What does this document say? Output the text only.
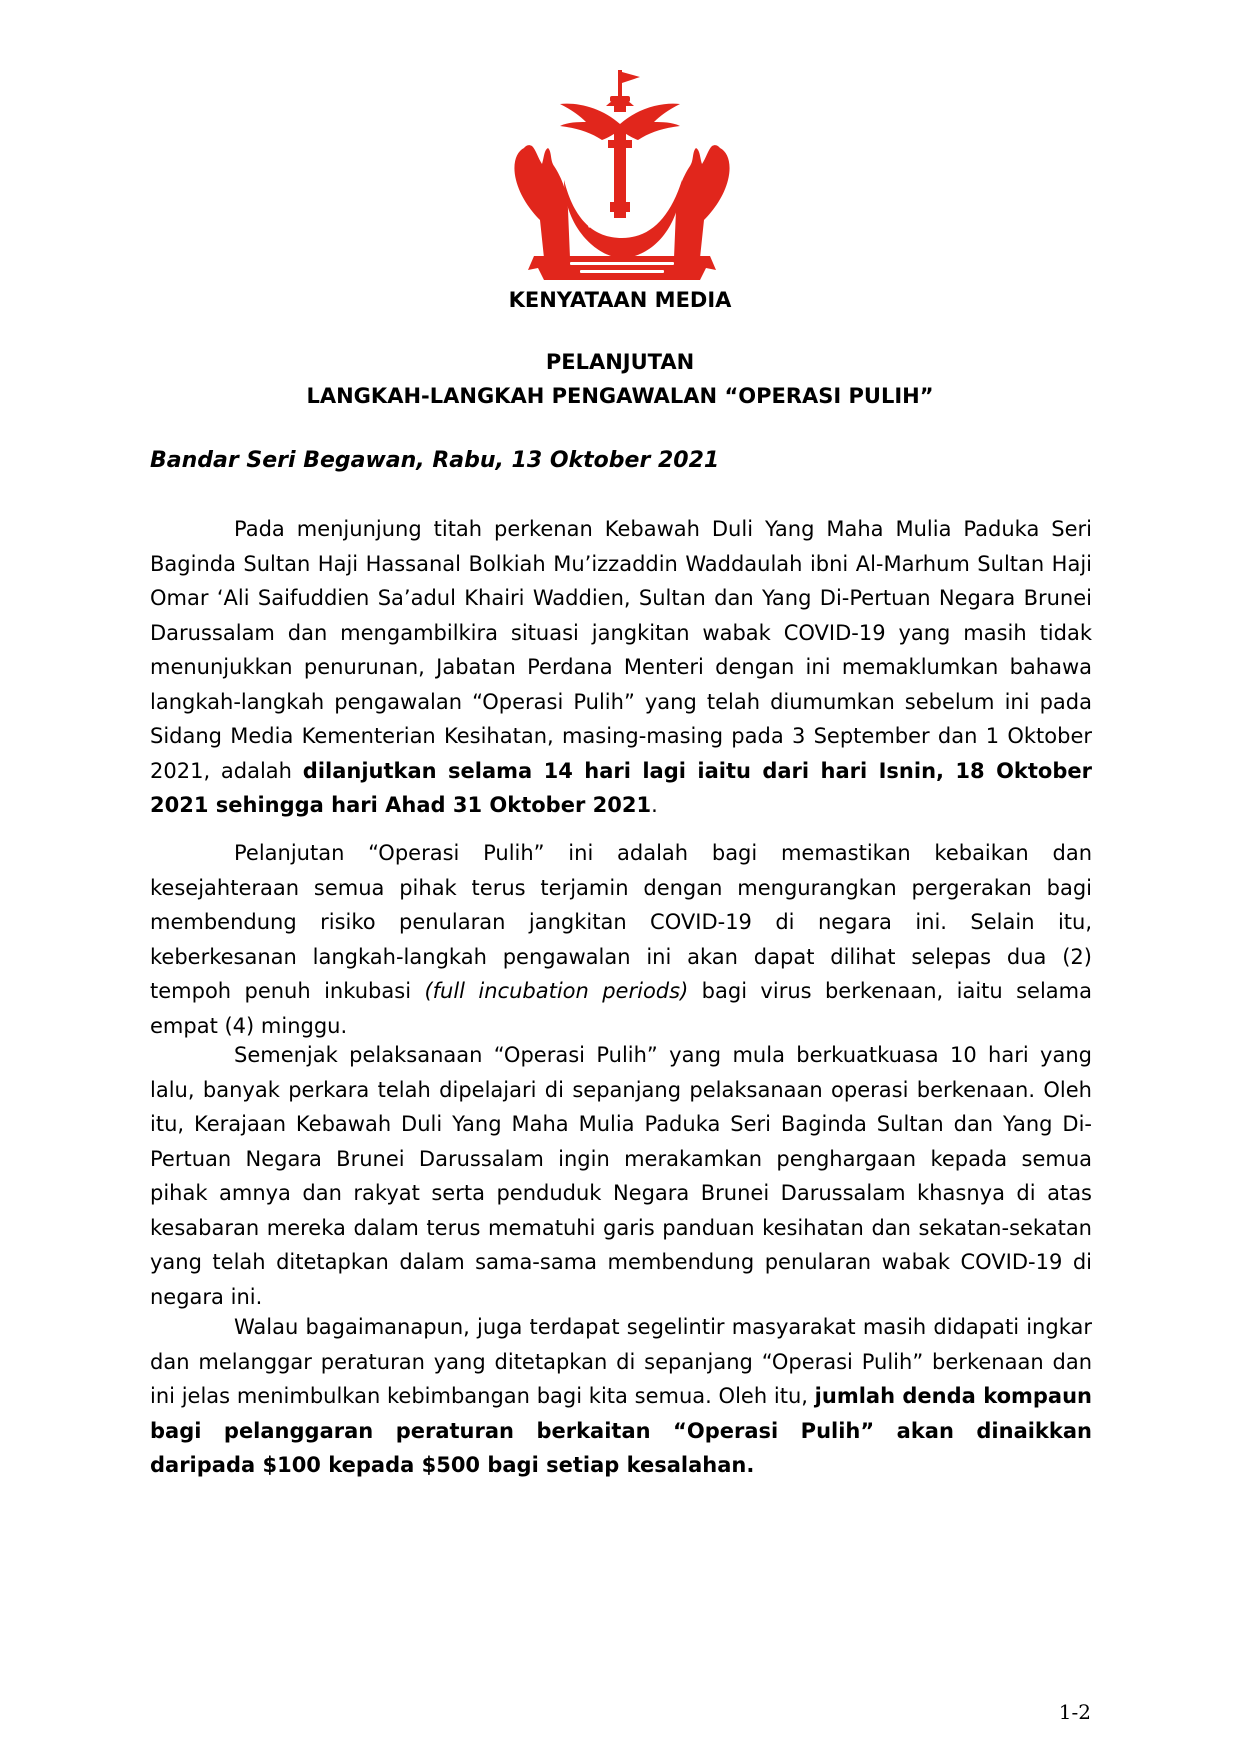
KENYATAAN MEDIA
PELANJUTAN
LANGKAH-LANGKAH PENGAWALAN “OPERASI PULIH”

Bandar Seri Begawan, Rabu, 13 Oktober 2021

Pada menjunjung titah perkenan Kebawah Duli Yang Maha Mulia Paduka Seri Baginda Sultan Haji Hassanal Bolkiah Mu’izzaddin Waddaulah ibni Al-Marhum Sultan Haji Omar ‘Ali Saifuddien Sa’adul Khairi Waddien, Sultan dan Yang Di-Pertuan Negara Brunei Darussalam dan mengambilkira situasi jangkitan wabak COVID-19 yang masih tidak menunjukkan penurunan, Jabatan Perdana Menteri dengan ini memaklumkan bahawa langkah-langkah pengawalan “Operasi Pulih” yang telah diumumkan sebelum ini pada Sidang Media Kementerian Kesihatan, masing-masing pada 3 September dan 1 Oktober 2021, adalah dilanjutkan selama 14 hari lagi iaitu dari hari Isnin, 18 Oktober 2021 sehingga hari Ahad 31 Oktober 2021.

Pelanjutan “Operasi Pulih” ini adalah bagi memastikan kebaikan dan kesejahteraan semua pihak terus terjamin dengan mengurangkan pergerakan bagi membendung risiko penularan jangkitan COVID-19 di negara ini. Selain itu, keberkesanan langkah-langkah pengawalan ini akan dapat dilihat selepas dua (2) tempoh penuh inkubasi (full incubation periods) bagi virus berkenaan, iaitu selama empat (4) minggu.

Semenjak pelaksanaan “Operasi Pulih” yang mula berkuatkuasa 10 hari yang lalu, banyak perkara telah dipelajari di sepanjang pelaksanaan operasi berkenaan. Oleh itu, Kerajaan Kebawah Duli Yang Maha Mulia Paduka Seri Baginda Sultan dan Yang Di-Pertuan Negara Brunei Darussalam ingin merakamkan penghargaan kepada semua pihak amnya dan rakyat serta penduduk Negara Brunei Darussalam khasnya di atas kesabaran mereka dalam terus mematuhi garis panduan kesihatan dan sekatan-sekatan yang telah ditetapkan dalam sama-sama membendung penularan wabak COVID-19 di negara ini.

Walau bagaimanapun, juga terdapat segelintir masyarakat masih didapati ingkar dan melanggar peraturan yang ditetapkan di sepanjang “Operasi Pulih” berkenaan dan ini jelas menimbulkan kebimbangan bagi kita semua. Oleh itu, jumlah denda kompaun bagi pelanggaran peraturan berkaitan “Operasi Pulih” akan dinaikkan daripada $100 kepada $500 bagi setiap kesalahan.

1-2
